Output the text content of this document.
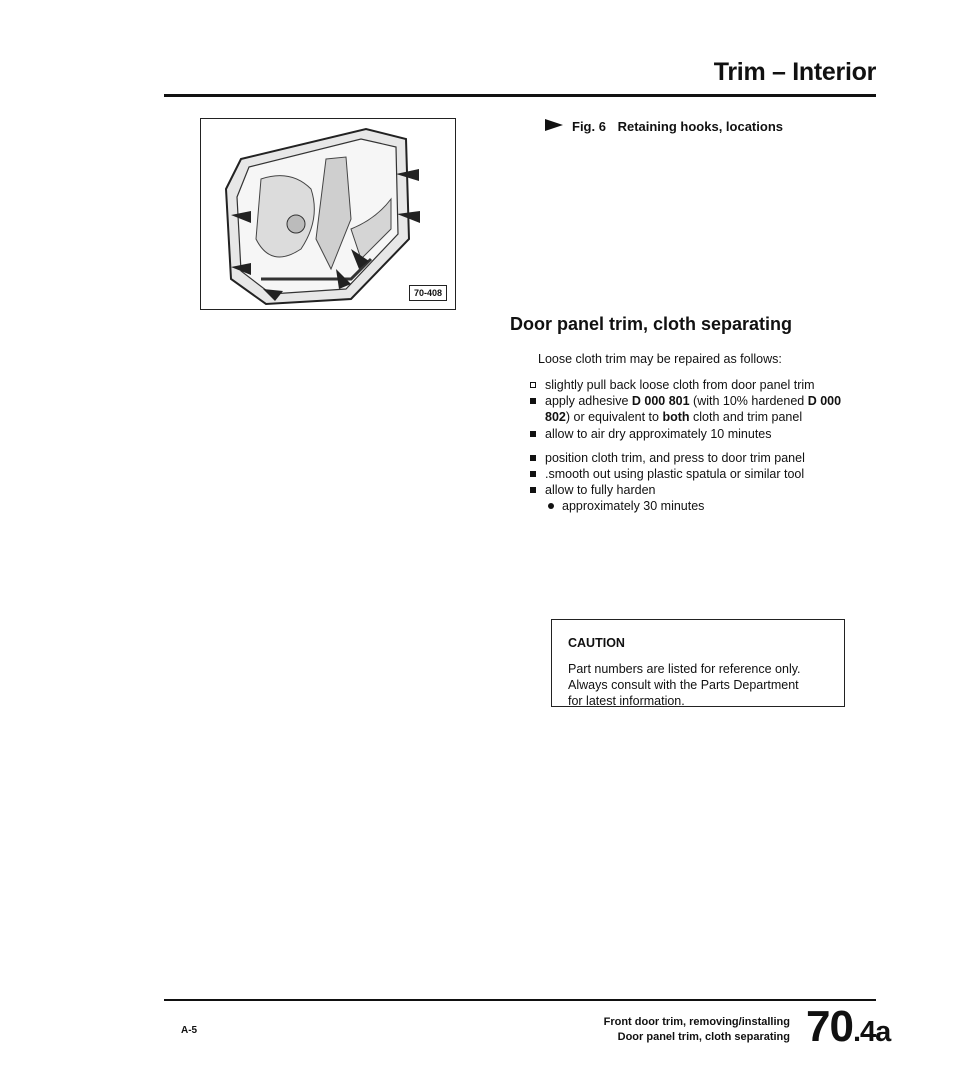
Trim – Interior
70-408
Fig. 6 Retaining hooks, locations
Door panel trim, cloth separating
Loose cloth trim may be repaired as follows:
slightly pull back loose cloth from door panel trim
apply adhesive D 000 801 (with 10% hardened D 000 802) or equivalent to both cloth and trim panel
allow to air dry approximately 10 minutes
position cloth trim, and press to door trim panel
.smooth out using plastic spatula or similar tool
allow to fully harden
approximately 30 minutes
CAUTION
Part numbers are listed for reference only. Always consult with the Parts Department for latest information.
A-5
Front door trim, removing/installing
Door panel trim, cloth separating 70.4a
